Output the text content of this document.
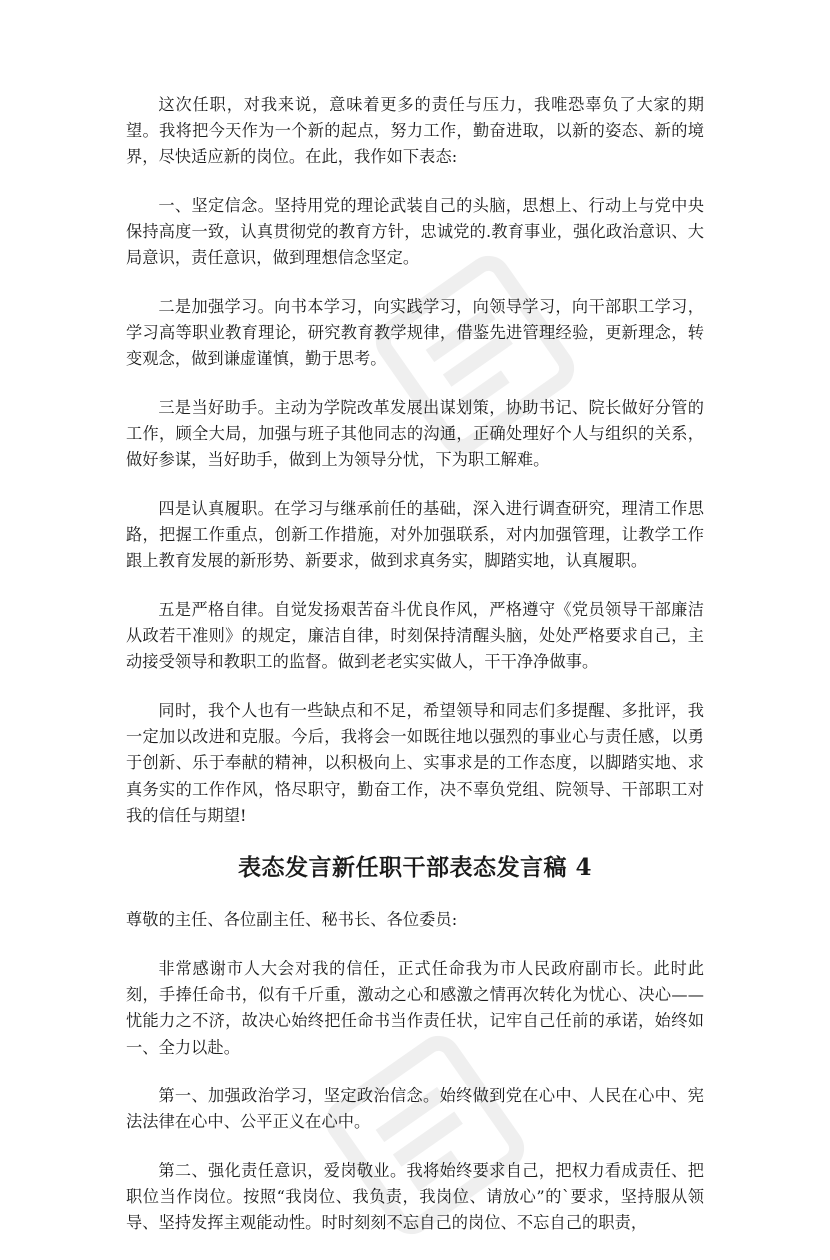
这次任职，对我来说，意味着更多的责任与压力，我唯恐辜负了大家的期望。我将把今天作为一个新的起点，努力工作，勤奋进取，以新的姿态、新的境界，尽快适应新的岗位。在此，我作如下表态:

一、坚定信念。坚持用党的理论武装自己的头脑，思想上、行动上与党中央保持高度一致，认真贯彻党的教育方针，忠诚党的.教育事业，强化政治意识、大局意识，责任意识，做到理想信念坚定。

二是加强学习。向书本学习，向实践学习，向领导学习，向干部职工学习，学习高等职业教育理论，研究教育教学规律，借鉴先进管理经验，更新理念，转变观念，做到谦虚谨慎，勤于思考。

三是当好助手。主动为学院改革发展出谋划策，协助书记、院长做好分管的工作，顾全大局，加强与班子其他同志的沟通，正确处理好个人与组织的关系，做好参谋，当好助手，做到上为领导分忧，下为职工解难。

四是认真履职。在学习与继承前任的基础，深入进行调查研究，理清工作思路，把握工作重点，创新工作措施，对外加强联系，对内加强管理，让教学工作跟上教育发展的新形势、新要求，做到求真务实，脚踏实地，认真履职。

五是严格自律。自觉发扬艰苦奋斗优良作风，严格遵守《党员领导干部廉洁从政若干准则》的规定，廉洁自律，时刻保持清醒头脑，处处严格要求自己，主动接受领导和教职工的监督。做到老老实实做人，干干净净做事。

同时，我个人也有一些缺点和不足，希望领导和同志们多提醒、多批评，我一定加以改进和克服。今后，我将会一如既往地以强烈的事业心与责任感，以勇于创新、乐于奉献的精神，以积极向上、实事求是的工作态度，以脚踏实地、求真务实的工作作风，恪尽职守，勤奋工作，决不辜负党组、院领导、干部职工对我的信任与期望!

表态发言新任职干部表态发言稿 4

尊敬的主任、各位副主任、秘书长、各位委员:

非常感谢市人大会对我的信任，正式任命我为市人民政府副市长。此时此刻，手捧任命书，似有千斤重，激动之心和感激之情再次转化为忧心、决心——忧能力之不济，故决心始终把任命书当作责任状，记牢自己任前的承诺，始终如一、全力以赴。

第一、加强政治学习，坚定政治信念。始终做到党在心中、人民在心中、宪法法律在心中、公平正义在心中。

第二、强化责任意识，爱岗敬业。我将始终要求自己，把权力看成责任、把职位当作岗位。按照“我岗位、我负责，我岗位、请放心”的`要求，坚持服从领导、坚持发挥主观能动性。时时刻刻不忘自己的岗位、不忘自己的职责，
